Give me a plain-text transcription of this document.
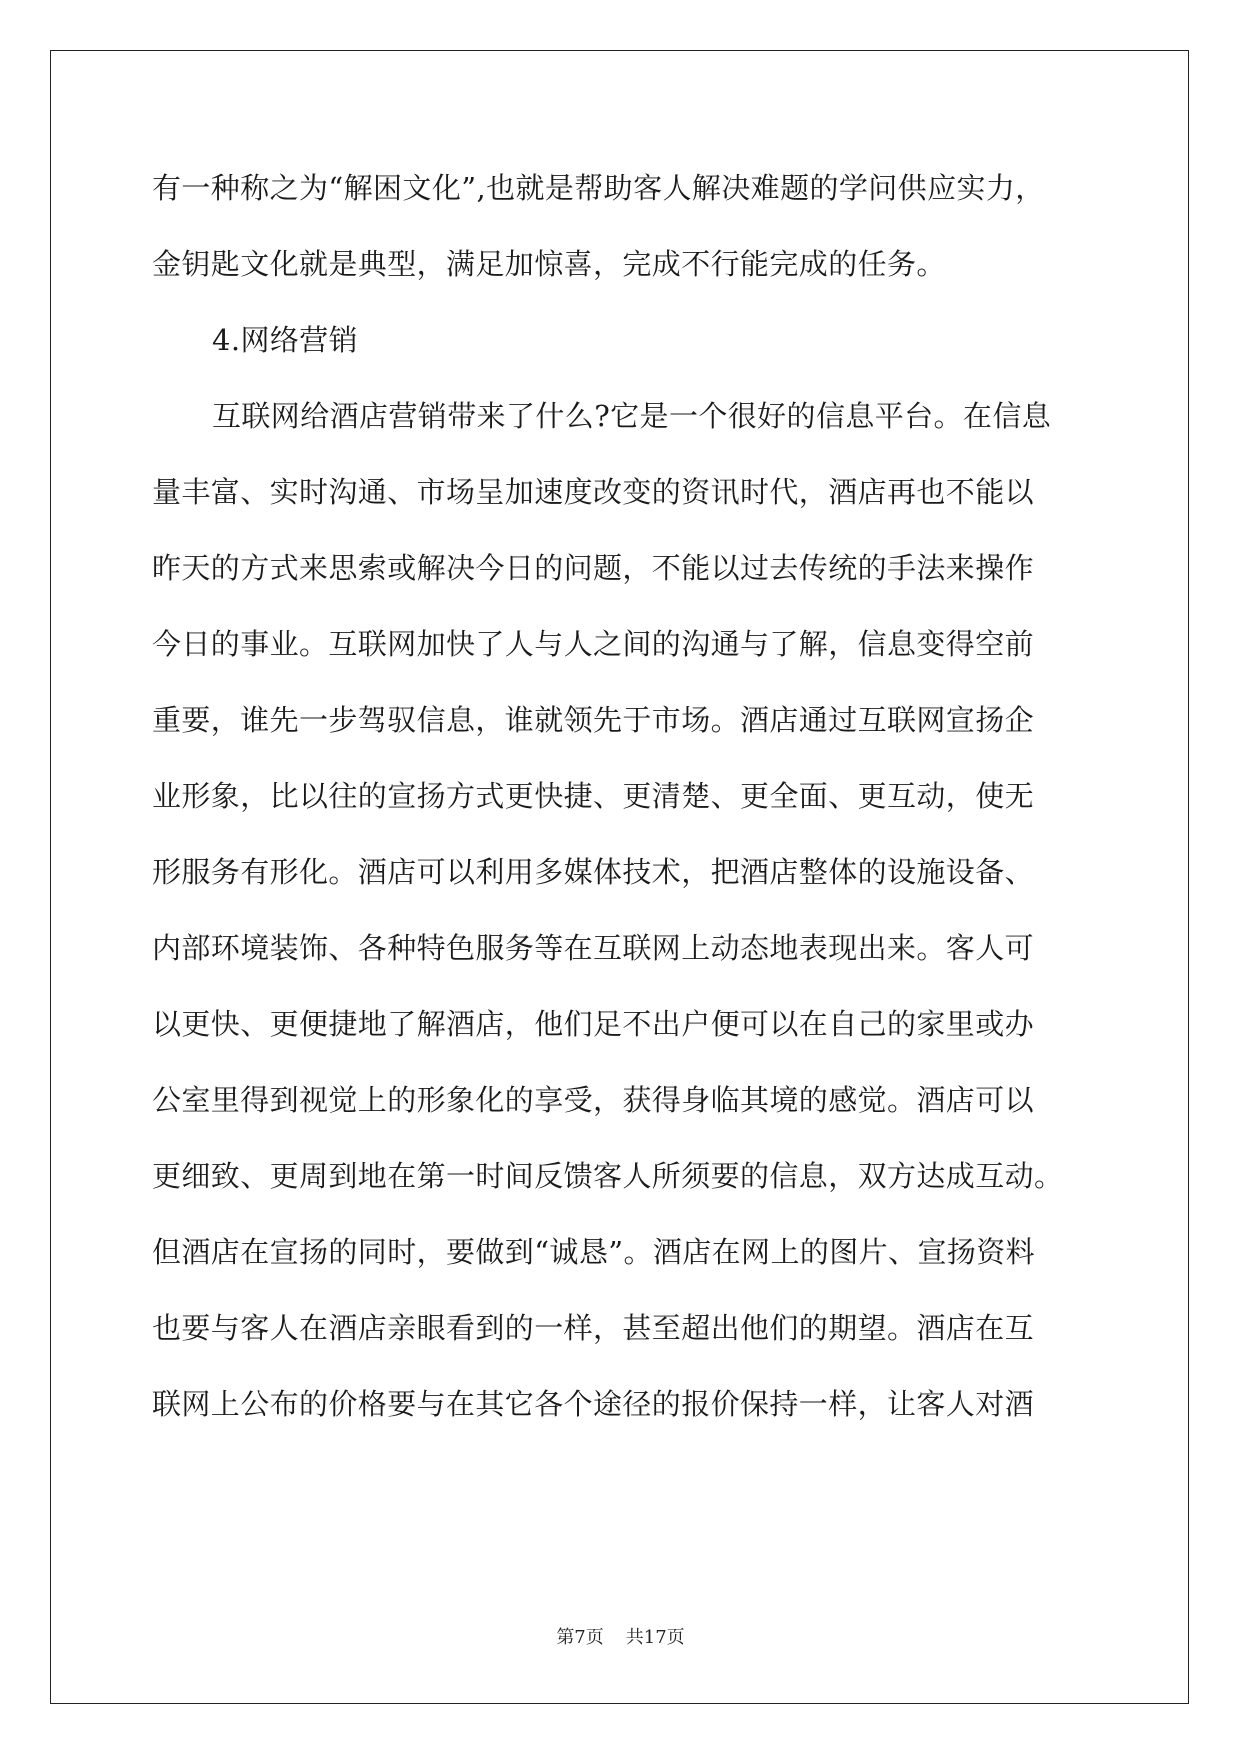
有一种称之为“解困文化”,也就是帮助客人解决难题的学问供应实力，
金钥匙文化就是典型，满足加惊喜，完成不行能完成的任务。
4.网络营销
互联网给酒店营销带来了什么?它是一个很好的信息平台。在信息
量丰富、实时沟通、市场呈加速度改变的资讯时代，酒店再也不能以
昨天的方式来思索或解决今日的问题，不能以过去传统的手法来操作
今日的事业。互联网加快了人与人之间的沟通与了解，信息变得空前
重要，谁先一步驾驭信息，谁就领先于市场。酒店通过互联网宣扬企
业形象，比以往的宣扬方式更快捷、更清楚、更全面、更互动，使无
形服务有形化。酒店可以利用多媒体技术，把酒店整体的设施设备、
内部环境装饰、各种特色服务等在互联网上动态地表现出来。客人可
以更快、更便捷地了解酒店，他们足不出户便可以在自己的家里或办
公室里得到视觉上的形象化的享受，获得身临其境的感觉。酒店可以
更细致、更周到地在第一时间反馈客人所须要的信息，双方达成互动。
但酒店在宣扬的同时，要做到“诚恳”。酒店在网上的图片、宣扬资料
也要与客人在酒店亲眼看到的一样，甚至超出他们的期望。酒店在互
联网上公布的价格要与在其它各个途径的报价保持一样，让客人对酒
第7页 共17页
